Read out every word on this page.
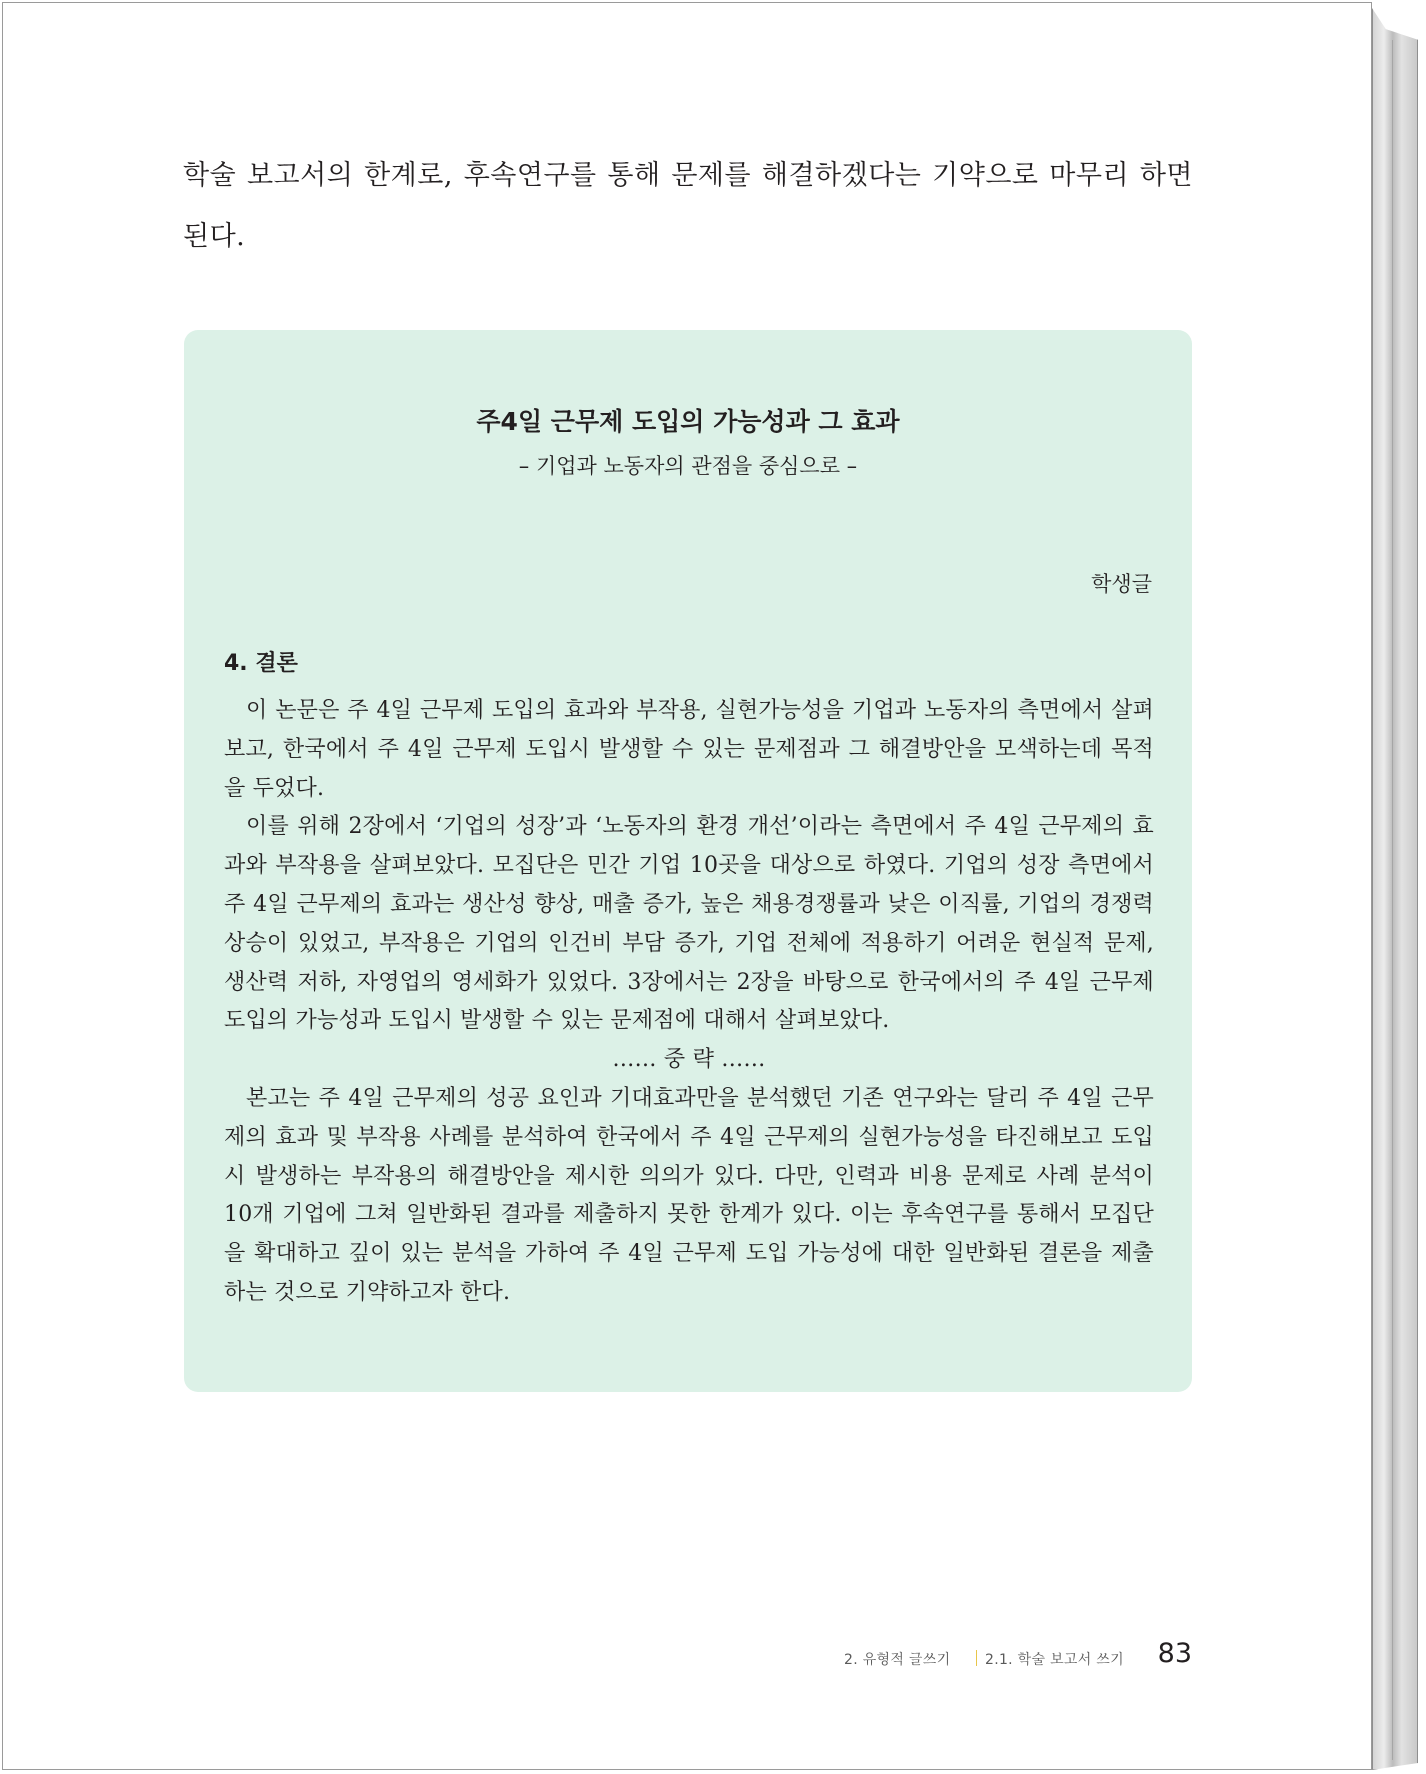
학술 보고서의 한계로, 후속연구를 통해 문제를 해결하겠다는 기약으로 마무리 하면 된다.

주4일 근무제 도입의 가능성과 그 효과
– 기업과 노동자의 관점을 중심으로 –
학생글
4. 결론

이 논문은 주 4일 근무제 도입의 효과와 부작용, 실현가능성을 기업과 노동자의 측면에서 살펴보고, 한국에서 주 4일 근무제 도입시 발생할 수 있는 문제점과 그 해결방안을 모색하는데 목적을 두었다.

이를 위해 2장에서 ‘기업의 성장’과 ‘노동자의 환경 개선’이라는 측면에서 주 4일 근무제의 효과와 부작용을 살펴보았다. 모집단은 민간 기업 10곳을 대상으로 하였다. 기업의 성장 측면에서 주 4일 근무제의 효과는 생산성 향상, 매출 증가, 높은 채용경쟁률과 낮은 이직률, 기업의 경쟁력 상승이 있었고, 부작용은 기업의 인건비 부담 증가, 기업 전체에 적용하기 어려운 현실적 문제, 생산력 저하, 자영업의 영세화가 있었다. 3장에서는 2장을 바탕으로 한국에서의 주 4일 근무제 도입의 가능성과 도입시 발생할 수 있는 문제점에 대해서 살펴보았다.

…… 중 략 ……

본고는 주 4일 근무제의 성공 요인과 기대효과만을 분석했던 기존 연구와는 달리 주 4일 근무제의 효과 및 부작용 사례를 분석하여 한국에서 주 4일 근무제의 실현가능성을 타진해보고 도입시 발생하는 부작용의 해결방안을 제시한 의의가 있다. 다만, 인력과 비용 문제로 사례 분석이 10개 기업에 그쳐 일반화된 결과를 제출하지 못한 한계가 있다. 이는 후속연구를 통해서 모집단을 확대하고 깊이 있는 분석을 가하여 주 4일 근무제 도입 가능성에 대한 일반화된 결론을 제출하는 것으로 기약하고자 한다.

2. 유형적 글쓰기 2.1. 학술 보고서 쓰기 83
